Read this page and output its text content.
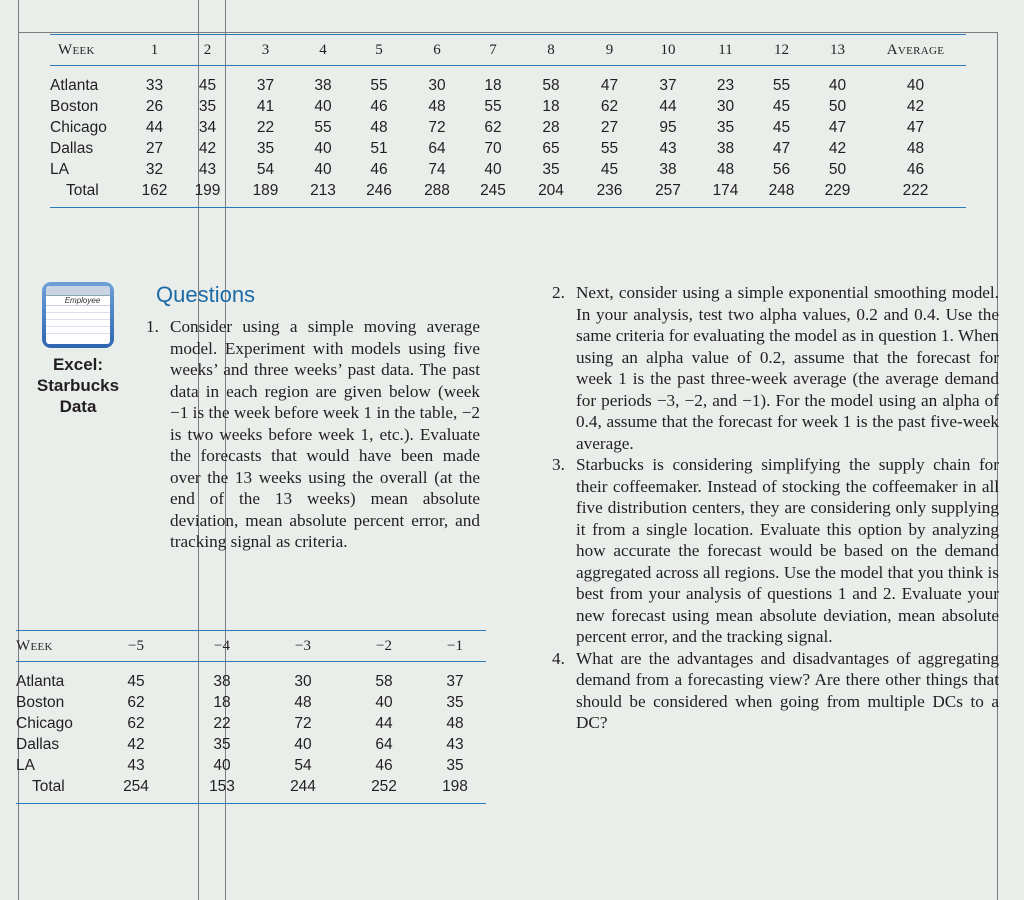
Week	1	2	3	4	5	6	7	8	9	10	11	12	13	Average
Atlanta	33	45	37	38	55	30	18	58	47	37	23	55	40	40
Boston	26	35	41	40	46	48	55	18	62	44	30	45	50	42
Chicago	44	34	22	55	48	72	62	28	27	95	35	45	47	47
Dallas	27	42	35	40	51	64	70	65	55	43	38	47	42	48
LA	32	43	54	40	46	74	40	35	45	38	48	56	50	46
Total	162	199	189	213	246	288	245	204	236	257	174	248	229	222
Employee
Excel:
Starbucks
Data
Questions
1. Consider using a simple moving average model. Experiment with models using five weeks’ and three weeks’ past data. The past data in each region are given below (week −1 is the week before week 1 in the table, −2 is two weeks before week 1, etc.). Evaluate the forecasts that would have been made over the 13 weeks using the overall (at the end of the 13 weeks) mean absolute deviation, mean absolute percent error, and tracking signal as criteria.
2. Next, consider using a simple exponential smoothing model. In your analysis, test two alpha values, 0.2 and 0.4. Use the same criteria for evaluating the model as in question 1. When using an alpha value of 0.2, assume that the forecast for week 1 is the past three-week average (the average demand for periods −3, −2, and −1). For the model using an alpha of 0.4, assume that the forecast for week 1 is the past five-week average.
3. Starbucks is considering simplifying the supply chain for their coffeemaker. Instead of stocking the coffeemaker in all five distribution centers, they are considering only supplying it from a single location. Evaluate this option by analyzing how accurate the forecast would be based on the demand aggregated across all regions. Use the model that you think is best from your analysis of questions 1 and 2. Evaluate your new forecast using mean absolute deviation, mean absolute percent error, and the tracking signal.
4. What are the advantages and disadvantages of aggregating demand from a forecasting view? Are there other things that should be considered when going from multiple DCs to a DC?
Week	−5	−4	−3	−2	−1
Atlanta	45	38	30	58	37
Boston	62	18	48	40	35
Chicago	62	22	72	44	48
Dallas	42	35	40	64	43
LA	43	40	54	46	35
Total	254	153	244	252	198
